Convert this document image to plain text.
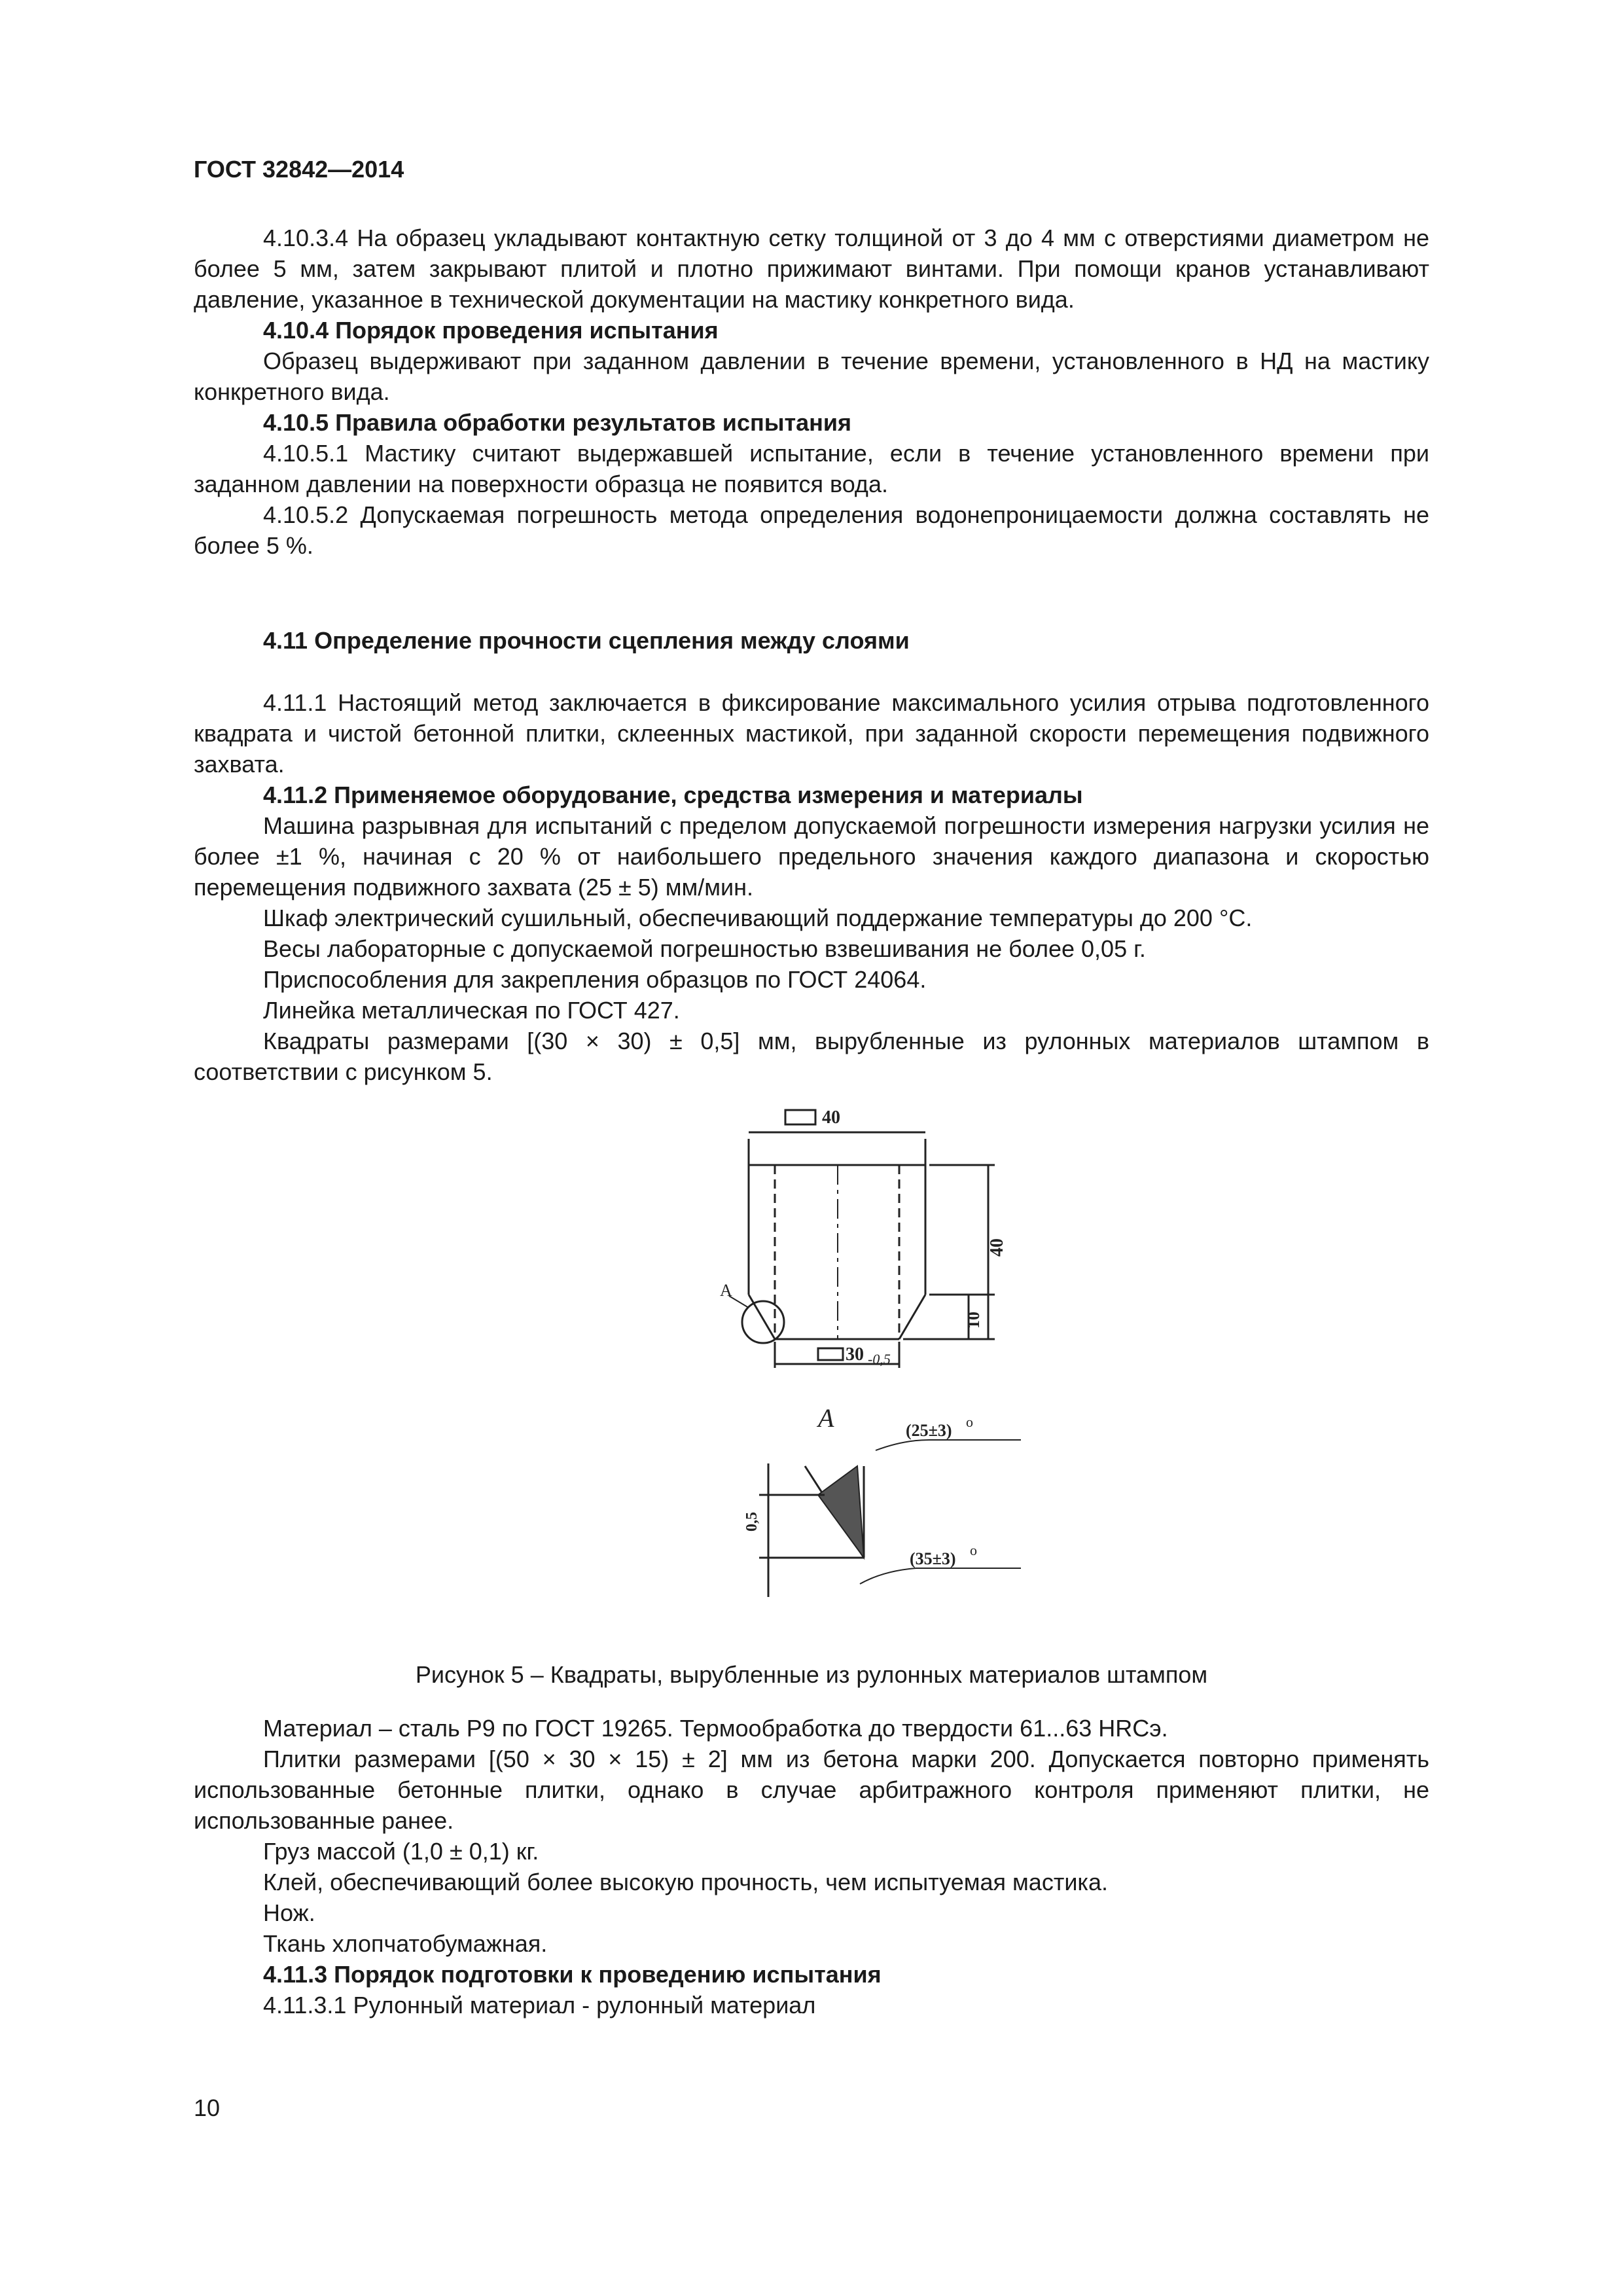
ГОСТ 32842—2014

4.10.3.4 На образец укладывают контактную сетку толщиной от 3 до 4 мм с отверстиями диаметром не более 5 мм, затем закрывают плитой и плотно прижимают винтами. При помощи кранов устанавливают давление, указанное в технической документации на мастику конкретного вида.

4.10.4 Порядок проведения испытания

Образец выдерживают при заданном давлении в течение времени, установленного в НД на мастику конкретного вида.

4.10.5 Правила обработки результатов испытания

4.10.5.1 Мастику считают выдержавшей испытание, если в течение установленного времени при заданном давлении на поверхности образца не появится вода.

4.10.5.2 Допускаемая погрешность метода определения водонепроницаемости должна составлять не более 5 %.

4.11 Определение прочности сцепления между слоями

4.11.1 Настоящий метод заключается в фиксирование максимального усилия отрыва подготовленного квадрата и чистой бетонной плитки, склеенных мастикой, при заданной скорости перемещения подвижного захвата.

4.11.2 Применяемое оборудование, средства измерения и материалы

Машина разрывная для испытаний с пределом допускаемой погрешности измерения нагрузки усилия не более ±1 %, начиная с 20 % от наибольшего предельного значения каждого диапазона и скоростью перемещения подвижного захвата (25 ± 5) мм/мин.

Шкаф электрический сушильный, обеспечивающий поддержание температуры до 200 °С.

Весы лабораторные с допускаемой погрешностью взвешивания не более 0,05 г.

Приспособления для закрепления образцов по ГОСТ 24064.

Линейка металлическая по ГОСТ 427.

Квадраты размерами [(30 × 30) ± 0,5] мм, вырубленные из рулонных материалов штампом в соответствии с рисунком 5.

40
40
10
30 -0,5
А
А
0,5
(25±3) о
(35±3) о
Рисунок 5 – Квадраты, вырубленные из рулонных материалов штампом

Материал – сталь Р9 по ГОСТ 19265. Термообработка до твердости 61...63 HRCэ.

Плитки размерами [(50 × 30 × 15) ± 2] мм из бетона марки 200. Допускается повторно применять использованные бетонные плитки, однако в случае арбитражного контроля применяют плитки, не использованные ранее.

Груз массой (1,0 ± 0,1) кг.

Клей, обеспечивающий более высокую прочность, чем испытуемая мастика.

Нож.

Ткань хлопчатобумажная.

4.11.3 Порядок подготовки к проведению испытания

4.11.3.1 Рулонный материал - рулонный материал

10
